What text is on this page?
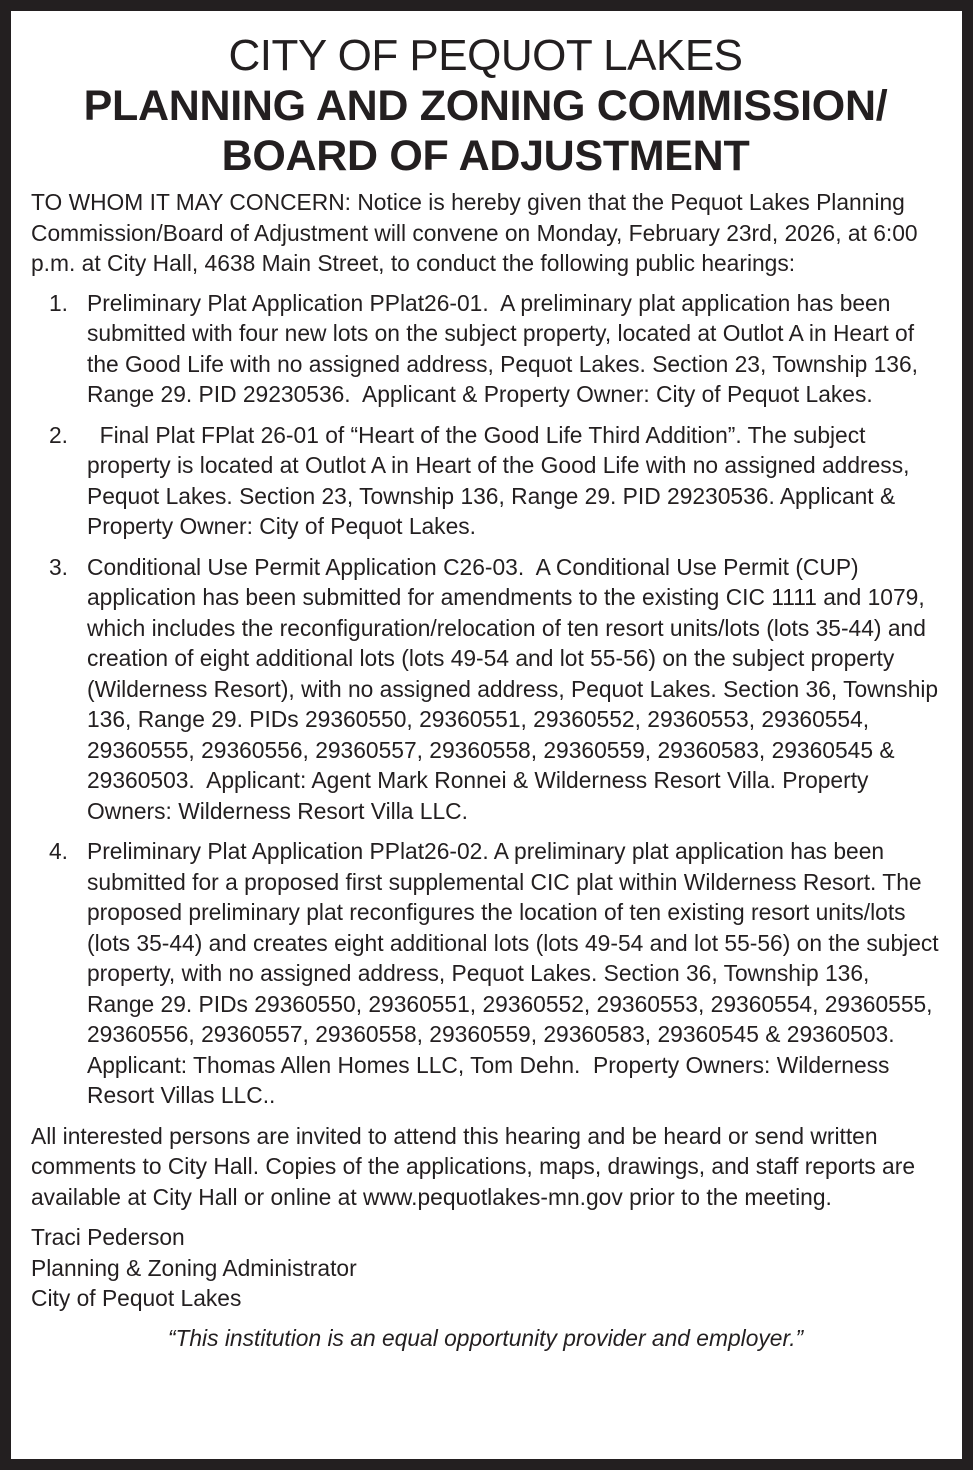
CITY OF PEQUOT LAKES
PLANNING AND ZONING COMMISSION/
BOARD OF ADJUSTMENT

TO WHOM IT MAY CONCERN: Notice is hereby given that the Pequot Lakes Planning Commission/Board of Adjustment will convene on Monday, February 23rd, 2026, at 6:00 p.m. at City Hall, 4638 Main Street, to conduct the following public hearings:

1. Preliminary Plat Application PPlat26-01.  A preliminary plat application has been submitted with four new lots on the subject property, located at Outlot A in Heart of the Good Life with no assigned address, Pequot Lakes. Section 23, Township 136, Range 29. PID 29230536.  Applicant & Property Owner: City of Pequot Lakes.
2. Final Plat FPlat 26-01 of “Heart of the Good Life Third Addition”. The subject property is located at Outlot A in Heart of the Good Life with no assigned address, Pequot Lakes. Section 23, Township 136, Range 29. PID 29230536. Applicant & Property Owner: City of Pequot Lakes.
3. Conditional Use Permit Application C26-03.  A Conditional Use Permit (CUP) application has been submitted for amendments to the existing CIC 1111 and 1079, which includes the reconfiguration/relocation of ten resort units/lots (lots 35-44) and creation of eight additional lots (lots 49-54 and lot 55-56) on the subject property (Wilderness Resort), with no assigned address, Pequot Lakes. Section 36, Township 136, Range 29. PIDs 29360550, 29360551, 29360552, 29360553, 29360554, 29360555, 29360556, 29360557, 29360558, 29360559, 29360583, 29360545 & 29360503.  Applicant: Agent Mark Ronnei & Wilderness Resort Villa. Property Owners: Wilderness Resort Villa LLC.
4. Preliminary Plat Application PPlat26-02. A preliminary plat application has been submitted for a proposed first supplemental CIC plat within Wilderness Resort. The proposed preliminary plat reconfigures the location of ten existing resort units/lots (lots 35-44) and creates eight additional lots (lots 49-54 and lot 55-56) on the subject property, with no assigned address, Pequot Lakes. Section 36, Township 136, Range 29. PIDs 29360550, 29360551, 29360552, 29360553, 29360554, 29360555, 29360556, 29360557, 29360558, 29360559, 29360583, 29360545 & 29360503.  Applicant: Thomas Allen Homes LLC, Tom Dehn.  Property Owners: Wilderness Resort Villas LLC..

All interested persons are invited to attend this hearing and be heard or send written comments to City Hall. Copies of the applications, maps, drawings, and staff reports are available at City Hall or online at www.pequotlakes-mn.gov prior to the meeting.

Traci Pederson
Planning & Zoning Administrator
City of Pequot Lakes

“This institution is an equal opportunity provider and employer.”
